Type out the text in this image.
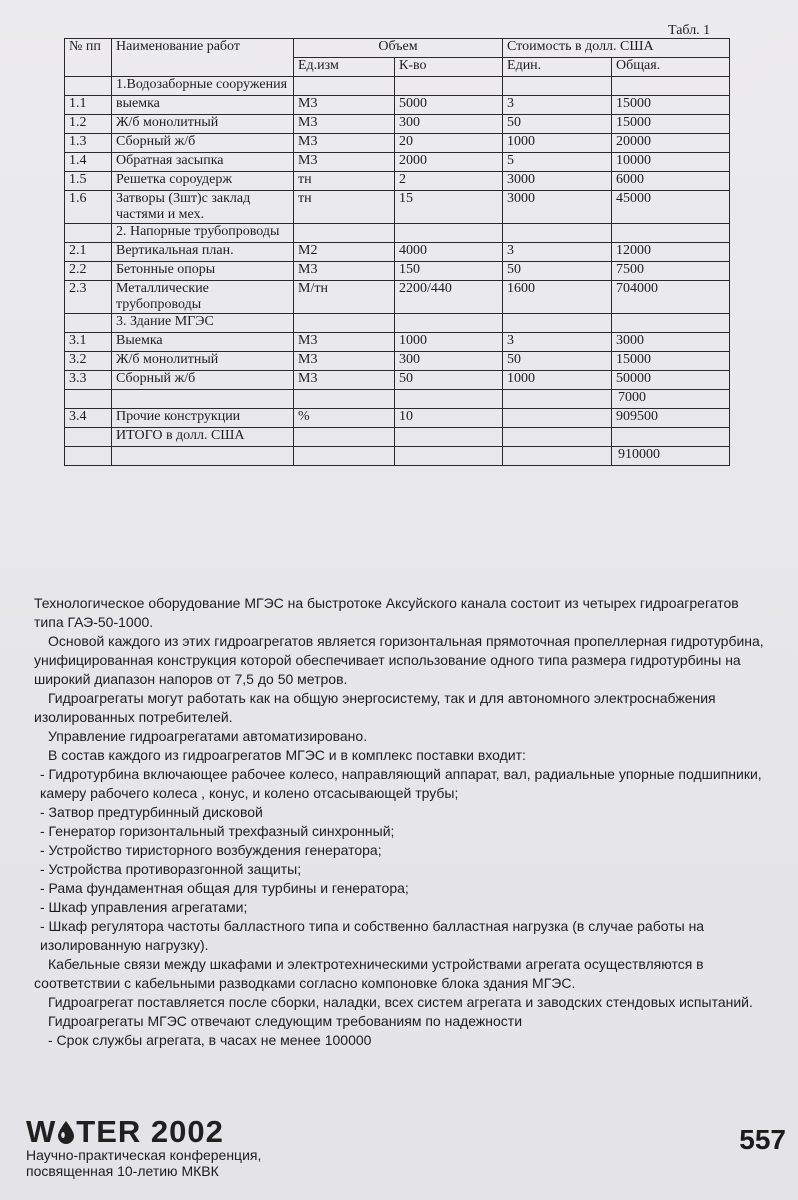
Табл. 1
№ пп	Наименование работ	Объем		Стоимость в долл. США	
		Ед.изм	К-во	Един.	Общая.
	1.Водозаборные сооружения				
1.1	выемка	М3	5000	3	15000
1.2	Ж/б монолитный	М3	300	50	15000
1.3	Сборный ж/б	М3	20	1000	20000
1.4	Обратная засыпка	М3	2000	5	10000
1.5	Решетка сороудерж	тн	2	3000	6000
1.6	Затворы (3шт)с заклад частями и мех.	тн	15	3000	45000
	2. Напорные трубопроводы				
2.1	Вертикальная план.	М2	4000	3	12000
2.2	Бетонные опоры	М3	150	50	7500
2.3	Металлические трубопроводы	М/тн	2200/440	1600	704000
	3. Здание МГЭС				
3.1	Выемка	М3	1000	3	3000
3.2	Ж/б монолитный	М3	300	50	15000
3.3	Сборный ж/б	М3	50	1000	50000
					7000
3.4	Прочие конструкции	%	10		909500
	ИТОГО в долл. США				
					910000

Технологическое оборудование МГЭС на быстротоке Аксуйского канала состоит из четырех гидроагрегатов типа ГАЭ-50-1000.

Основой каждого из этих гидроагрегатов является горизонтальная прямоточная пропеллерная гидротурбина, унифицированная конструкция которой обеспечивает использование одного типа размера гидротурбины на широкий диапазон напоров от 7,5 до 50 метров.

Гидроагрегаты могут работать как на общую энергосистему, так и для автономного электроснабжения изолированных потребителей.

Управление гидроагрегатами автоматизировано.

В состав каждого из гидроагрегатов МГЭС и в комплекс поставки входит:

- Гидротурбина включающее рабочее колесо, направляющий аппарат, вал, радиальные упорные подшипники, камеру рабочего колеса , конус, и колено отсасывающей трубы;

- Затвор предтурбинный дисковой

- Генератор горизонтальный трехфазный синхронный;

- Устройство тиристорного возбуждения генератора;

- Устройства противоразгонной защиты;

- Рама фундаментная общая для турбины и генератора;

- Шкаф управления агрегатами;

- Шкаф регулятора частоты балластного типа и собственно балластная нагрузка (в случае работы на изолированную нагрузку).

Кабельные связи между шкафами и электротехническими устройствами агрегата осуществляются в соответствии с кабельными разводками согласно компоновке блока здания МГЭС.

Гидроагрегат поставляется после сборки, наладки, всех систем агрегата и заводских стендовых испытаний.

Гидроагрегаты МГЭС отвечают следующим требованиям по надежности

- Срок службы агрегата, в часах не менее 100000

W TER 2002
Научно-практическая конференция,
посвященная 10-летию МКВК
557
